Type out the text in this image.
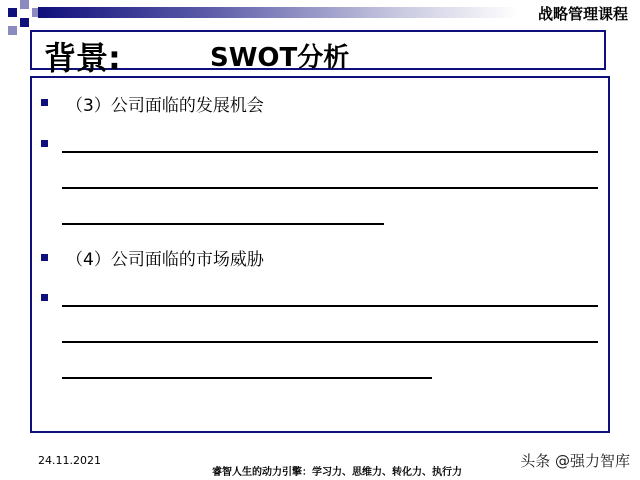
战略管理课程
背景:	SWOT分析
（3）公司面临的发展机会
（4）公司面临的市场威胁
24.11.2021
睿智人生的动力引擎：学习力、思维力、转化力、执行力
头条 @强力智库
